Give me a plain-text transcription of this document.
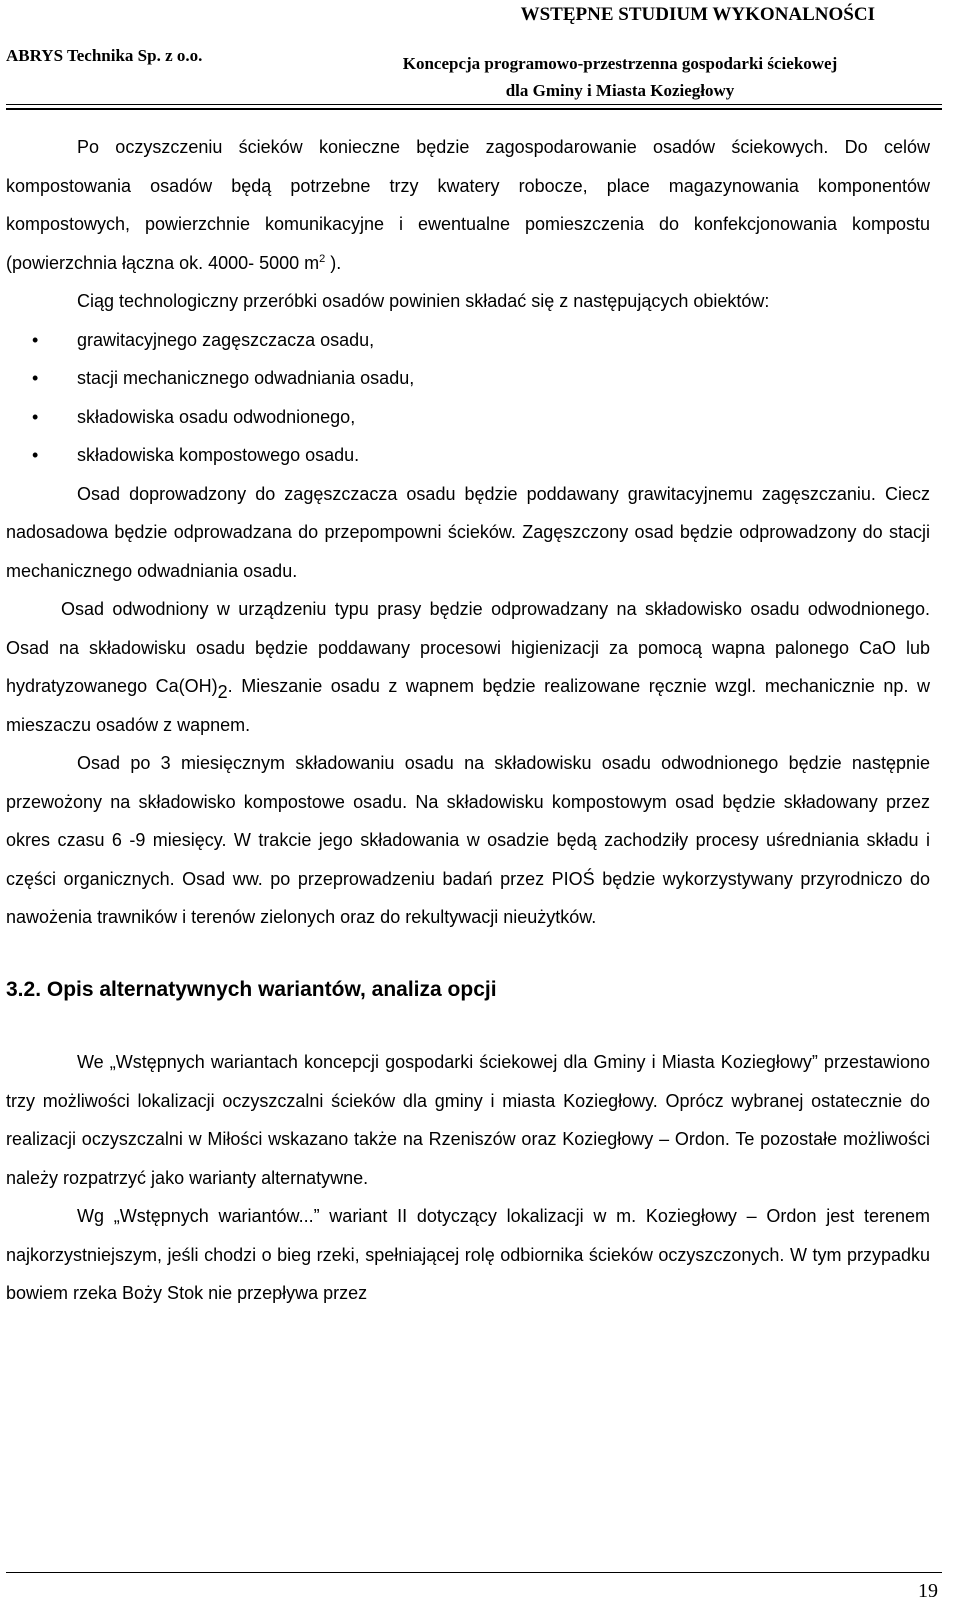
WSTĘPNE STUDIUM WYKONALNOŚCI
ABRYS Technika Sp. z o.o.	Koncepcja programowo-przestrzenna gospodarki ściekowej
dla Gminy i Miasta Koziegłowy

Po oczyszczeniu ścieków konieczne będzie zagospodarowanie osadów ściekowych. Do celów kompostowania osadów będą potrzebne trzy kwatery robocze, place magazynowania komponentów kompostowych, powierzchnie komunikacyjne i ewentualne pomieszczenia do konfekcjonowania kompostu (powierzchnia łączna ok. 4000- 5000 $m^2$ ).

Ciąg technologiczny przeróbki osadów powinien składać się z następujących obiektów:

• grawitacyjnego zagęszczacza osadu,
• stacji mechanicznego odwadniania osadu,
• składowiska osadu odwodnionego,
• składowiska kompostowego osadu.

Osad doprowadzony do zagęszczacza osadu będzie poddawany grawitacyjnemu zagęszczaniu. Ciecz nadosadowa będzie odprowadzana do przepompowni ścieków. Zagęszczony osad będzie odprowadzony do stacji mechanicznego odwadniania osadu.

Osad odwodniony w urządzeniu typu prasy będzie odprowadzany na składowisko osadu odwodnionego. Osad na składowisku osadu będzie poddawany procesowi higienizacji za pomocą wapna palonego CaO lub hydratyzowanego Ca(OH)2. Mieszanie osadu z wapnem będzie realizowane ręcznie wzgl. mechanicznie np. w mieszaczu osadów z wapnem.

Osad po 3 miesięcznym składowaniu osadu na składowisku osadu odwodnionego będzie następnie przewożony na składowisko kompostowe osadu. Na składowisku kompostowym osad będzie składowany przez okres czasu 6 -9 miesięcy. W trakcie jego składowania w osadzie będą zachodziły procesy uśredniania składu i części organicznych. Osad ww. po przeprowadzeniu badań przez PIOŚ będzie wykorzystywany przyrodniczo do nawożenia trawników i terenów zielonych oraz do rekultywacji nieużytków.

3.2. Opis alternatywnych wariantów, analiza opcji

We „Wstępnych wariantach koncepcji gospodarki ściekowej dla Gminy i Miasta Koziegłowy” przestawiono trzy możliwości lokalizacji oczyszczalni ścieków dla gminy i miasta Koziegłowy. Oprócz wybranej ostatecznie do realizacji oczyszczalni w Miłości wskazano także na Rzeniszów oraz Koziegłowy – Ordon. Te pozostałe możliwości należy rozpatrzyć jako warianty alternatywne.

Wg „Wstępnych wariantów...” wariant II dotyczący lokalizacji w m. Koziegłowy – Ordon jest terenem najkorzystniejszym, jeśli chodzi o bieg rzeki, spełniającej rolę odbiornika ścieków oczyszczonych. W tym przypadku bowiem rzeka Boży Stok nie przepływa przez

19
